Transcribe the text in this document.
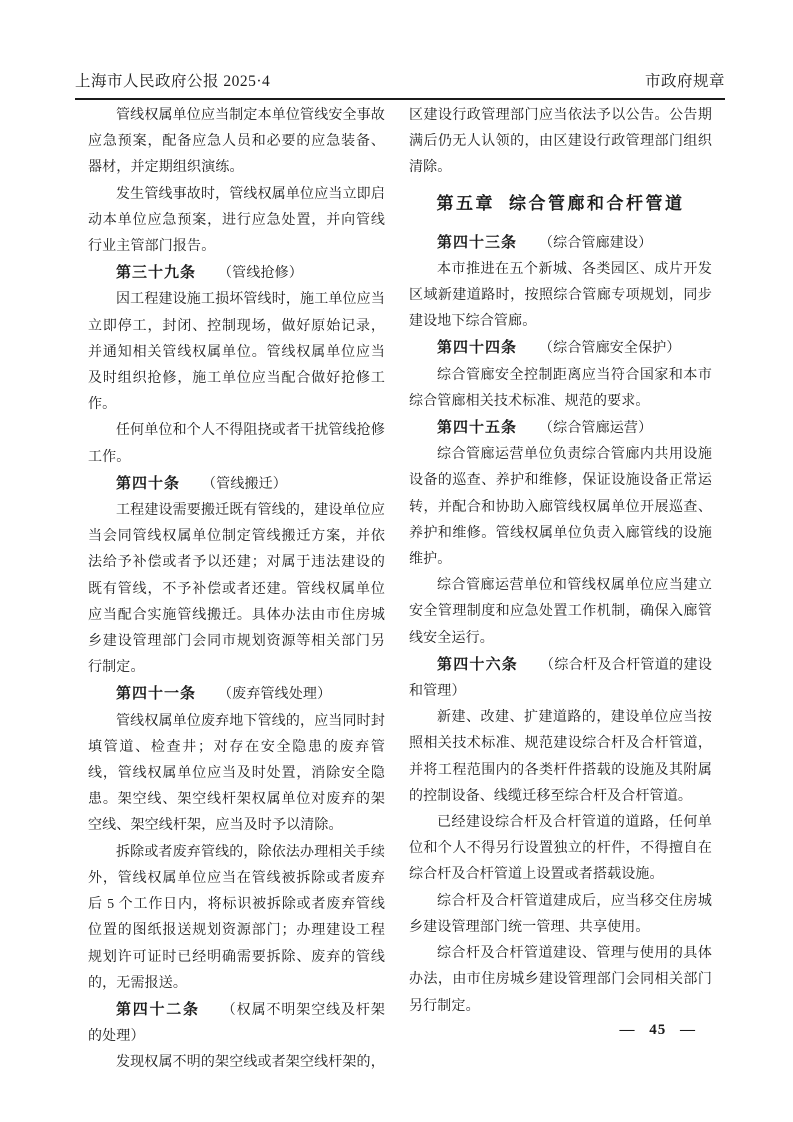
上海市人民政府公报 2025·4	市政府规章

管线权属单位应当制定本单位管线安全事故应急预案，配备应急人员和必要的应急装备、器材，并定期组织演练。

发生管线事故时，管线权属单位应当立即启动本单位应急预案，进行应急处置，并向管线行业主管部门报告。

第三十九条 （管线抢修）

因工程建设施工损坏管线时，施工单位应当立即停工，封闭、控制现场，做好原始记录，并通知相关管线权属单位。管线权属单位应当及时组织抢修，施工单位应当配合做好抢修工作。

任何单位和个人不得阻挠或者干扰管线抢修工作。

第四十条 （管线搬迁）

工程建设需要搬迁既有管线的，建设单位应当会同管线权属单位制定管线搬迁方案，并依法给予补偿或者予以还建；对属于违法建设的既有管线，不予补偿或者还建。管线权属单位应当配合实施管线搬迁。具体办法由市住房城乡建设管理部门会同市规划资源等相关部门另行制定。

第四十一条 （废弃管线处理）

管线权属单位废弃地下管线的，应当同时封填管道、检查井；对存在安全隐患的废弃管线，管线权属单位应当及时处置，消除安全隐患。架空线、架空线杆架权属单位对废弃的架空线、架空线杆架，应当及时予以清除。

拆除或者废弃管线的，除依法办理相关手续外，管线权属单位应当在管线被拆除或者废弃后 5 个工作日内，将标识被拆除或者废弃管线位置的图纸报送规划资源部门；办理建设工程规划许可证时已经明确需要拆除、废弃的管线的，无需报送。

第四十二条 （权属不明架空线及杆架的处理）

发现权属不明的架空线或者架空线杆架的，

区建设行政管理部门应当依法予以公告。公告期满后仍无人认领的，由区建设行政管理部门组织清除。

第五章 综合管廊和合杆管道

第四十三条 （综合管廊建设）

本市推进在五个新城、各类园区、成片开发区域新建道路时，按照综合管廊专项规划，同步建设地下综合管廊。

第四十四条 （综合管廊安全保护）

综合管廊安全控制距离应当符合国家和本市综合管廊相关技术标准、规范的要求。

第四十五条 （综合管廊运营）

综合管廊运营单位负责综合管廊内共用设施设备的巡查、养护和维修，保证设施设备正常运转，并配合和协助入廊管线权属单位开展巡查、养护和维修。管线权属单位负责入廊管线的设施维护。

综合管廊运营单位和管线权属单位应当建立安全管理制度和应急处置工作机制，确保入廊管线安全运行。

第四十六条 （综合杆及合杆管道的建设和管理）

新建、改建、扩建道路的，建设单位应当按照相关技术标准、规范建设综合杆及合杆管道，并将工程范围内的各类杆件搭载的设施及其附属的控制设备、线缆迁移至综合杆及合杆管道。

已经建设综合杆及合杆管道的道路，任何单位和个人不得另行设置独立的杆件，不得擅自在综合杆及合杆管道上设置或者搭载设施。

综合杆及合杆管道建成后，应当移交住房城乡建设管理部门统一管理、共享使用。

综合杆及合杆管道建设、管理与使用的具体办法，由市住房城乡建设管理部门会同相关部门另行制定。

— 45 —
